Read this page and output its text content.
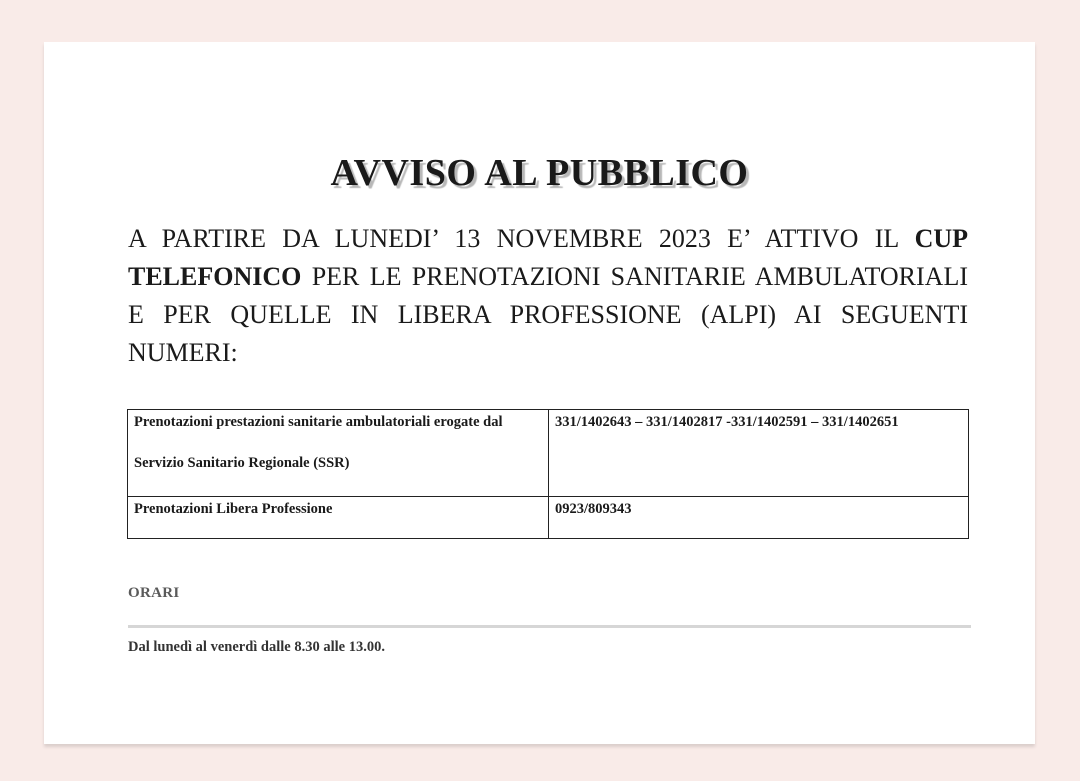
AVVISO AL PUBBLICO

A PARTIRE DA LUNEDI’ 13 NOVEMBRE 2023 E’ ATTIVO IL CUP TELEFONICO PER LE PRENOTAZIONI SANITARIE AMBULATORIALI E PER QUELLE IN LIBERA PROFESSIONE (ALPI) AI SEGUENTI NUMERI:

Prenotazioni prestazioni sanitarie ambulatoriali erogate dal
Servizio Sanitario Regionale (SSR)	331/1402643 – 331/1402817 -331/1402591 – 331/1402651

Prenotazioni Libera Professione	0923/809343
ORARI
Dal lunedì al venerdì dalle 8.30 alle 13.00.
